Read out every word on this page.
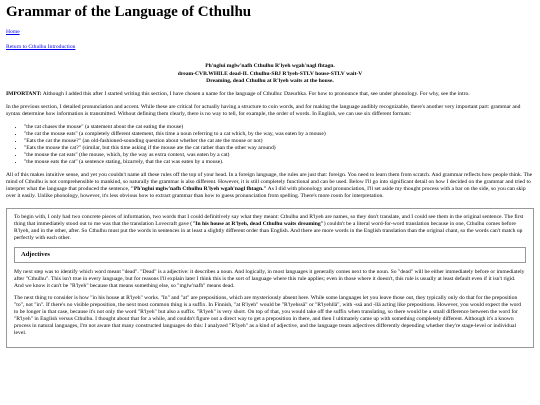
Grammar of the Language of Cthulhu
Home
Return to Cthulhu Introduction
Ph'nglui mglw'nafh Cthulhu R'lyeh wgah'nagl fhtagn.
dream-CVB.WHILE dead-IL Cthulhu-SBJ R'lyeh-STLV house-STLV wait-V
Dreaming, dead Cthulhu at R'lyeh waits at the house.

IMPORTANT: Although I added this after I started writing this section, I have chosen a name for the language of Cthulhu: Dzeurhka. For how to pronounce that, see under phonology. For why, see the intro.

In the previous section, I detailed pronunciation and accent. While these are critical for actually having a structure to coin words, and for making the language audibly recognizable, there's another very important part: grammar and syntax determine how information is transmitted. Without defining them clearly, there is no way to tell, for example, the order of words. In English, we can use six different formats:

• "the cat chases the mouse" (a statement about the cat eating the mouse)
• "the cat the mouse eats" (a completely different statement, this time a noun referring to a cat which, by the way, was eaten by a mouse)
• "Eats the cat the mouse?" (an old-fashioned-sounding question about whether the cat ate the mouse or not)
• "Eats the mouse the cat?" (similar, but this time asking if the mouse ate the cat rather than the other way around)
• "the mouse the cat eats" (the mouse, which, by the way as extra context, was eaten by a cat)
• "the mouse eats the cat" (a sentence stating, bizarrely, that the cat was eaten by a mouse).

All of this makes intuitive sense, and yet you couldn't name all these rules off the top of your head. In a foreign language, the rules are just that: foreign. You need to learn them from scratch. And grammar reflects how people think. The mind of Cthulhu is not comprehensible to mankind, so naturally the grammar is also different. However, it is still completely functional and can be used. Below I'll go into significant detail on how I decided on the grammar and tried to interpret what the language that produced the sentence, "Ph'nglui mglw'nafh Cthulhu R'lyeh wgah'nagl fhtagn." As I did with phonology and pronunciation, I'll set aside my thought process with a bar on the side, so you can skip over it easily. Unlike phonology, however, it's less obvious how to extract grammar than how to guess pronunciation from spelling. There's more room for interpretation.

To begin with, I only had two concrete pieces of information, two words that I could definitively say what they meant: Cthulhu and R'lyeh are names, so they don't translate, and I could see them in the original sentence. The first thing that immediately stood out to me was that the translation Lovecraft gave ("In his house at R'lyeh, dead Cthulhu waits dreaming") couldn't be a literal word-for-word translation because in one, Cthulhu comes before R'lyeh, and in the other, after. So Cthulhu must put the words in sentences in at least a slightly different order than English. And there are more words in the English translation than the original chant, so the words can't match up perfectly with each other.

Adjectives

My next step was to identify which word meant "dead". "Dead" is a adjective: it describes a noun. And logically, in most languages it generally comes next to the noun. So "dead" will be either immediately before or immediately after "Cthulhu". This isn't true in every language, but for reasons I'll explain later I think this is the sort of language where this rule applies; even in those where it doesn't, this rule is usually at least default even if it isn't rigid. And we know it can't be "R'lyeh" because that means something else, so "mglw'nafh" means dead.

The next thing to consider is how "in his house at R'lyeh" works. "In" and "at" are prepositions, which are mysteriously absent here. While some languages let you leave those out, they typically only do that for the preposition "to", not "in". If there's no visible preposition, the next most common thing is a suffix. In Finnish, "at R'lyeh" would be "R'lyehssä" or "R'lyehllä", with -ssä and -llä acting like prepositions. However, you would expect the word to be longer in that case, because it's not only the word "R'lyeh" but also a suffix. "R'lyeh" is very short. On top of that, you would take off the suffix when translating, so there would be a small difference between the word for "R'lyeh" in English versus Cthulhu. I thought about that for a while, and couldn't figure out a direct way to get a preposition in there, and then I ultimately came up with something completely different. Although it's a known process in natural languages, I'm not aware that many constructed languages do this: I analyzed "R'lyeh" as a kind of adjective, and the language treats adjectives differently depending whether they're stage-level or individual level.
